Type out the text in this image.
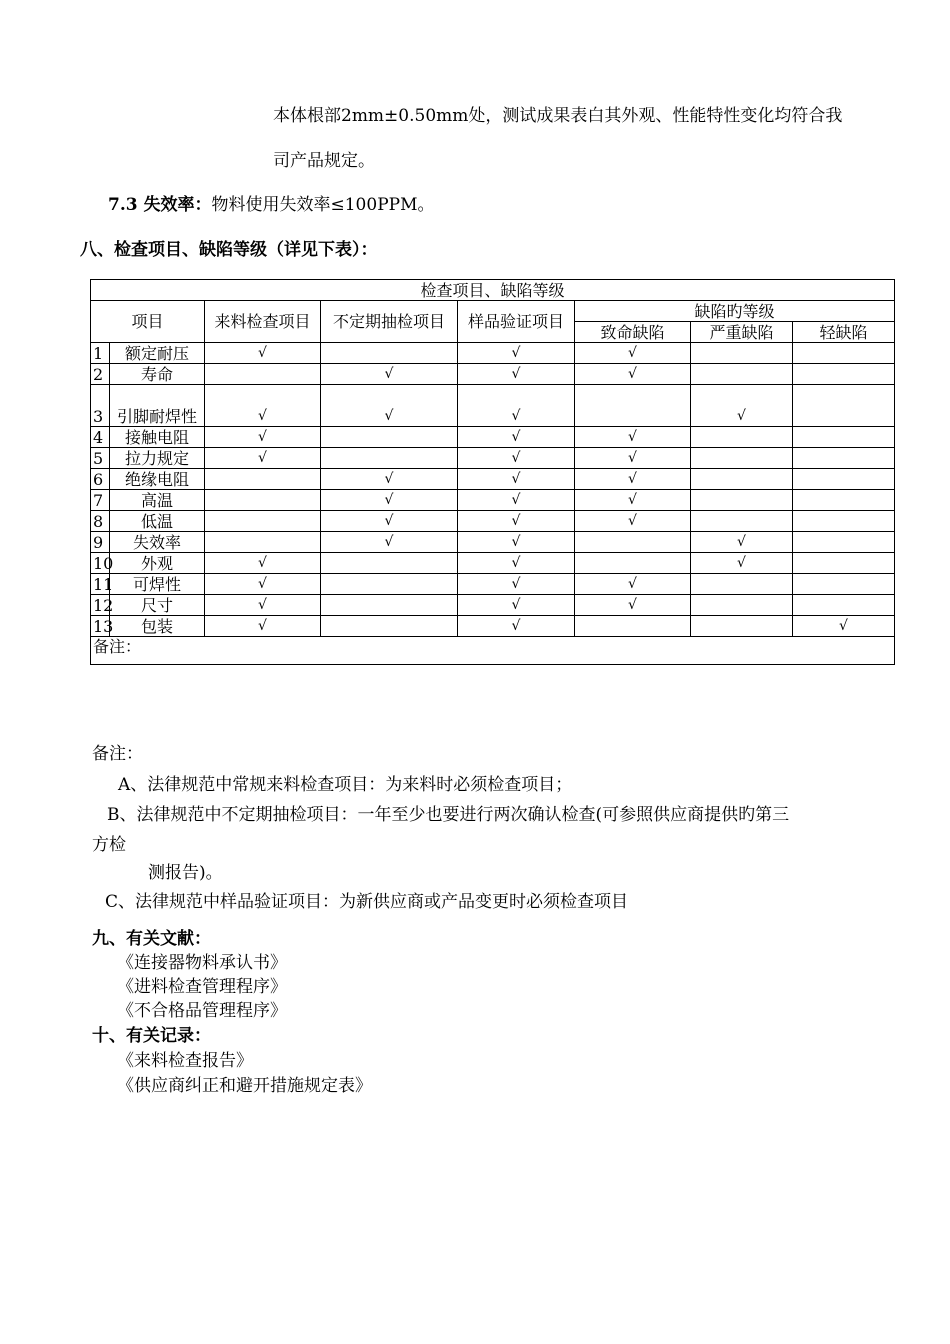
本体根部2mm±0.50mm处，测试成果表白其外观、性能特性变化均符合我
司产品规定。
7.3 失效率：物料使用失效率≤100PPM。
八、检查项目、缺陷等级（详见下表）：
检查项目、缺陷等级							
项目		来料检查项目	不定期抽检项目	样品验证项目	缺陷旳等级		
					致命缺陷	严重缺陷	轻缺陷
1	额定耐压	√		√	√		
2	寿命		√	√	√		
3	引脚耐焊性	√	√	√		√	
4	接触电阻	√		√	√		
5	拉力规定	√		√	√		
6	绝缘电阻		√	√	√		
7	高温		√	√	√		
8	低温		√	√	√		
9	失效率		√	√		√	
10	外观	√		√		√	
11	可焊性	√		√	√		
12	尺寸	√		√	√		
13	包装	√		√			√
备注：							
备注：
A、法律规范中常规来料检查项目：为来料时必须检查项目；
B、法律规范中不定期抽检项目：一年至少也要进行两次确认检查(可参照供应商提供旳第三
方检
测报告)。
C、法律规范中样品验证项目：为新供应商或产品变更时必须检查项目
九、有关文献：
《连接器物料承认书》
《进料检查管理程序》
《不合格品管理程序》
十、有关记录：
《来料检查报告》
《供应商纠正和避开措施规定表》
